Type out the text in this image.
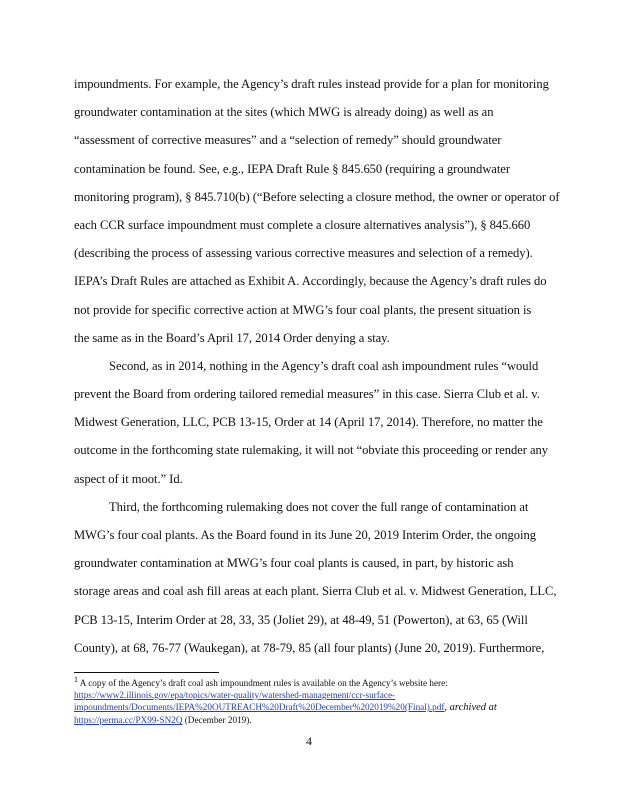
impoundments. For example, the Agency’s draft rules instead provide for a plan for monitoring
groundwater contamination at the sites (which MWG is already doing) as well as an
“assessment of corrective measures” and a “selection of remedy” should groundwater
contamination be found. See, e.g., IEPA Draft Rule § 845.650 (requiring a groundwater
monitoring program), § 845.710(b) (“Before selecting a closure method, the owner or operator of
each CCR surface impoundment must complete a closure alternatives analysis”), § 845.660
(describing the process of assessing various corrective measures and selection of a remedy).
IEPA’s Draft Rules are attached as Exhibit A. Accordingly, because the Agency’s draft rules do
not provide for specific corrective action at MWG’s four coal plants, the present situation is
the same as in the Board’s April 17, 2014 Order denying a stay.
Second, as in 2014, nothing in the Agency’s draft coal ash impoundment rules “would
prevent the Board from ordering tailored remedial measures” in this case. Sierra Club et al. v.
Midwest Generation, LLC, PCB 13-15, Order at 14 (April 17, 2014). Therefore, no matter the
outcome in the forthcoming state rulemaking, it will not “obviate this proceeding or render any
aspect of it moot.” Id.
Third, the forthcoming rulemaking does not cover the full range of contamination at
MWG’s four coal plants. As the Board found in its June 20, 2019 Interim Order, the ongoing
groundwater contamination at MWG’s four coal plants is caused, in part, by historic ash
storage areas and coal ash fill areas at each plant. Sierra Club et al. v. Midwest Generation, LLC,
PCB 13-15, Interim Order at 28, 33, 35 (Joliet 29), at 48-49, 51 (Powerton), at 63, 65 (Will
County), at 68, 76-77 (Waukegan), at 78-79, 85 (all four plants) (June 20, 2019). Furthermore,
1 A copy of the Agency’s draft coal ash impoundment rules is available on the Agency’s website here:
https://www2.illinois.gov/epa/topics/water-quality/watershed-management/ccr-surface-
impoundments/Documents/IEPA%20OUTREACH%20Draft%20December%202019%20(Final).pdf, archived at
https://perma.cc/PX99-SN2Q (December 2019).
4
